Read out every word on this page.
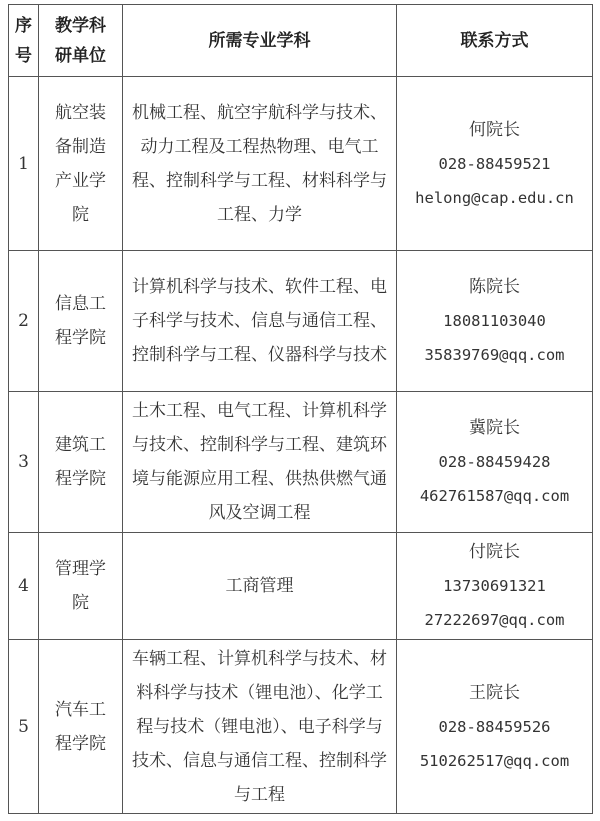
序号	教学科研单位	所需专业学科	联系方式
1	航空装备制造产业学院	机械工程、航空宇航科学与技术、动力工程及工程热物理、电气工程、控制科学与工程、材料科学与工程、力学	何院长
028-88459521
helong@cap.edu.cn

2	信息工程学院	计算机科学与技术、软件工程、电子科学与技术、信息与通信工程、控制科学与工程、仪器科学与技术	陈院长
18081103040
35839769@qq.com

3	建筑工程学院	土木工程、电气工程、计算机科学与技术、控制科学与工程、建筑环境与能源应用工程、供热供燃气通风及空调工程	冀院长
028-88459428
462761587@qq.com

4	管理学院	工商管理	付院长
13730691321
27222697@qq.com

5	汽车工程学院	车辆工程、计算机科学与技术、材料科学与技术（锂电池）、化学工程与技术（锂电池）、电子科学与技术、信息与通信工程、控制科学与工程	王院长
028-88459526
510262517@qq.com
